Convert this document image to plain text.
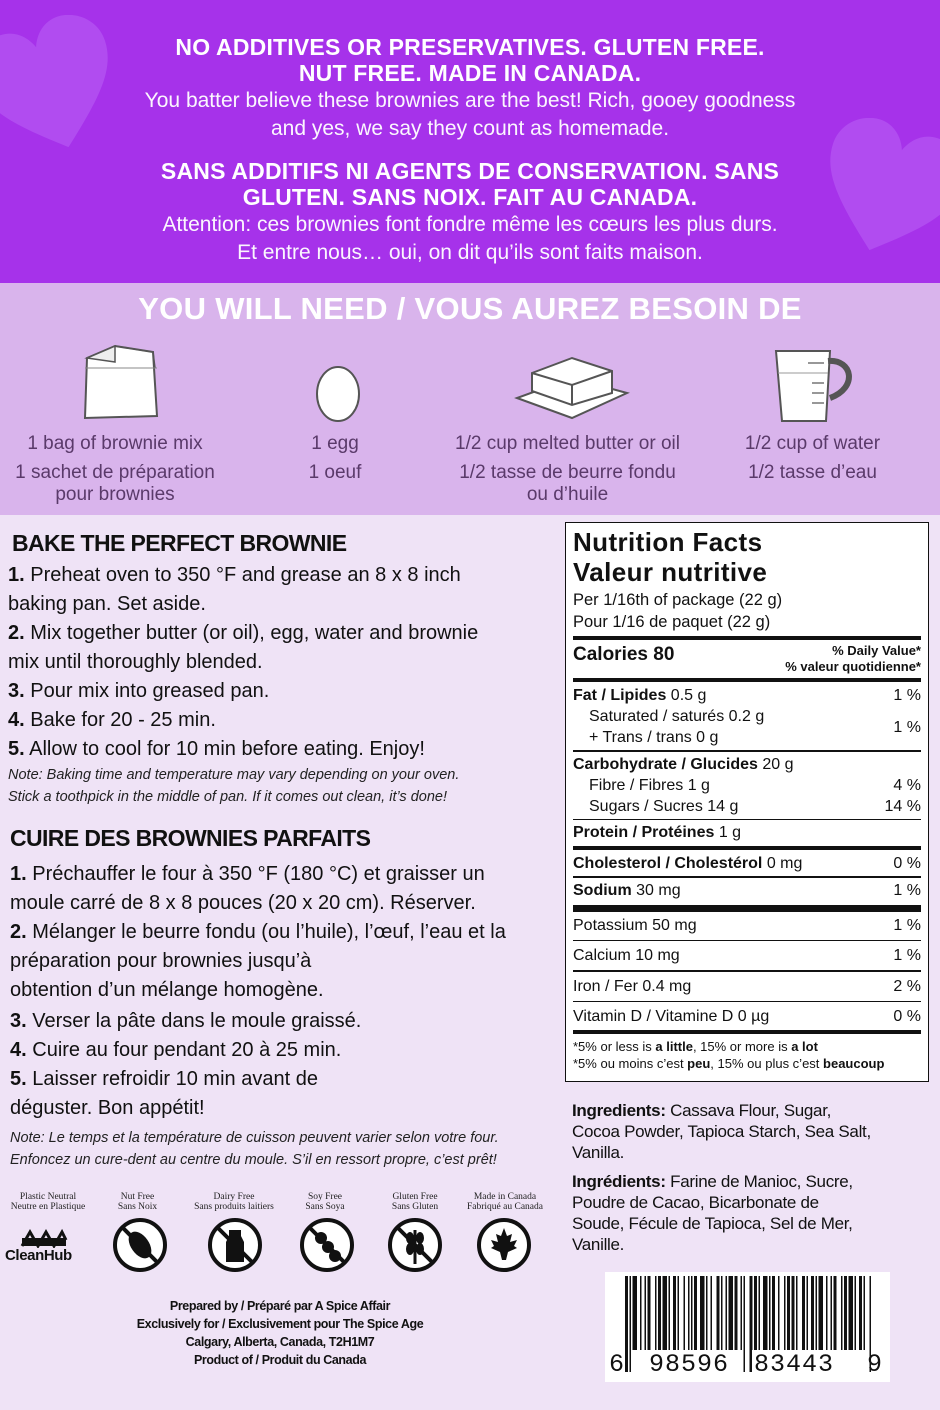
NO ADDITIVES OR PRESERVATIVES. GLUTEN FREE.
NUT FREE. MADE IN CANADA.
You batter believe these brownies are the best! Rich, gooey goodness
and yes, we say they count as homemade.
SANS ADDITIFS NI AGENTS DE CONSERVATION. SANS
GLUTEN. SANS NOIX. FAIT AU CANADA.
Attention: ces brownies font fondre même les cœurs les plus durs.
Et entre nous… oui, on dit qu’ils sont faits maison.
YOU WILL NEED / VOUS AUREZ BESOIN DE
1 bag of brownie mix
1 sachet de préparation
pour brownies
1 egg
1 oeuf
1/2 cup melted butter or oil
1/2 tasse de beurre fondu
ou d’huile
1/2 cup of water
1/2 tasse d’eau
BAKE THE PERFECT BROWNIE
1. Preheat oven to 350 °F and grease an 8 x 8 inch
baking pan. Set aside.
2. Mix together butter (or oil), egg, water and brownie
mix until thoroughly blended.
3. Pour mix into greased pan.
4. Bake for 20 - 25 min.
5. Allow to cool for 10 min before eating. Enjoy!
Note: Baking time and temperature may vary depending on your oven.
Stick a toothpick in the middle of pan. If it comes out clean, it’s done!
CUIRE DES BROWNIES PARFAITS
1. Préchauffer le four à 350 °F (180 °C) et graisser un
moule carré de 8 x 8 pouces (20 x 20 cm). Réserver.
2. Mélanger le beurre fondu (ou l’huile), l’œuf, l’eau et la
préparation pour brownies jusqu’à
obtention d’un mélange homogène.
3. Verser la pâte dans le moule graissé.
4. Cuire au four pendant 20 à 25 min.
5. Laisser refroidir 10 min avant de
déguster. Bon appétit!
Note: Le temps et la température de cuisson peuvent varier selon votre four.
Enfoncez un cure-dent au centre du moule. S’il en ressort propre, c’est prêt!
Plastic Neutral
Neutre en Plastique
CleanHub
Nut Free
Sans Noix
Dairy Free
Sans produits laitiers
Soy Free
Sans Soya
Gluten Free
Sans Gluten
Made in Canada
Fabriqué au Canada
Prepared by / Préparé par A Spice Affair
Exclusively for / Exclusivement pour The Spice Age
Calgary, Alberta, Canada, T2H1M7
Product of / Produit du Canada
Nutrition Facts
Valeur nutritive
Per 1/16th of package (22 g)
Pour 1/16 de paquet (22 g)
Calories 80	% Daily Value*
% valeur quotidienne*
Fat / Lipides 0.5 g	1 %
Saturated / saturés 0.2 g
+ Trans / trans 0 g
1 %
Carbohydrate / Glucides 20 g
Fibre / Fibres 1 g	4 %
Sugars / Sucres 14 g	14 %
Protein / Protéines 1 g
Cholesterol / Cholestérol 0 mg	0 %
Sodium 30 mg	1 %
Potassium 50 mg	1 %
Calcium 10 mg	1 %
Iron / Fer 0.4 mg	2 %
Vitamin D / Vitamine D 0 µg	0 %
*5% or less is a little, 15% or more is a lot
*5% ou moins c’est peu, 15% ou plus c’est beaucoup
Ingredients: Cassava Flour, Sugar, Cocoa Powder, Tapioca Starch, Sea Salt, Vanilla.
Ingrédients: Farine de Manioc, Sucre, Poudre de Cacao, Bicarbonate de Soude, Fécule de Tapioca, Sel de Mer, Vanille.
6 98596 83443 9
